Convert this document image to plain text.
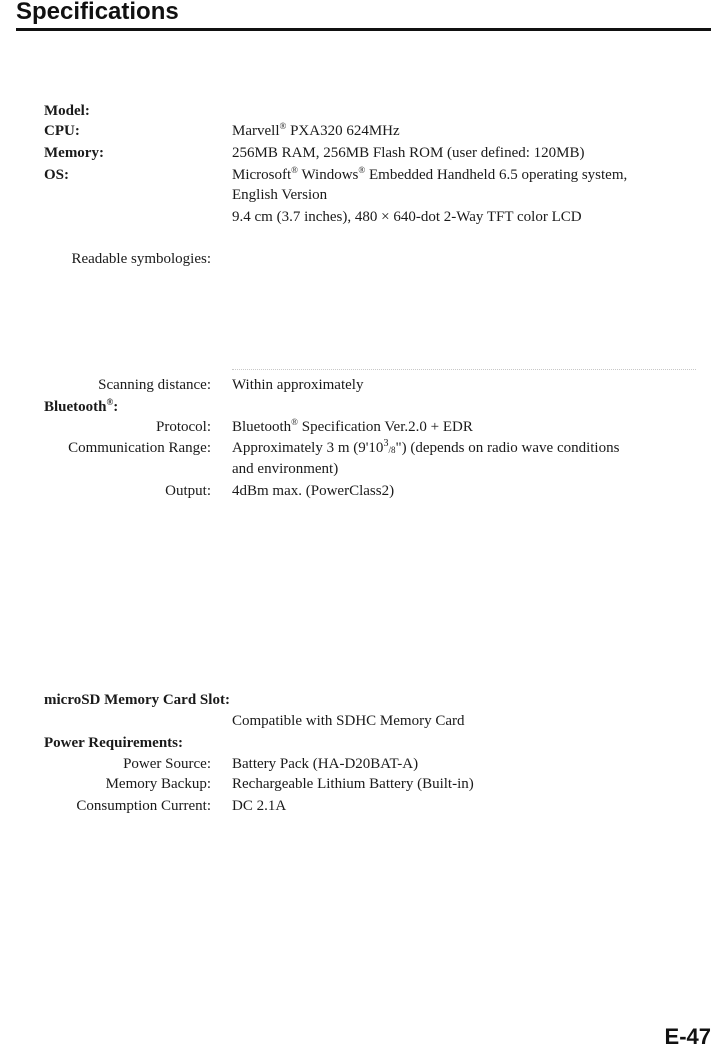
Specifications
Model:
CPU:	Marvell® PXA320 624MHz
Memory:	256MB RAM, 256MB Flash ROM (user defined: 120MB)
OS:	Microsoft® Windows® Embedded Handheld 6.5 operating system,
English Version
9.4 cm (3.7 inches), 480 × 640-dot 2-Way TFT color LCD
Readable symbologies:
Scanning distance: Within approximately
Bluetooth®:
Protocol: Bluetooth® Specification Ver.2.0 + EDR
Communication Range: Approximately 3 m (9'103/8") (depends on radio wave conditions
and environment)
Output: 4dBm max. (PowerClass2)
microSD Memory Card Slot:
Compatible with SDHC Memory Card
Power Requirements:
Power Source: Battery Pack (HA-D20BAT-A)
Memory Backup: Rechargeable Lithium Battery (Built-in)
Consumption Current: DC 2.1A

E-47
